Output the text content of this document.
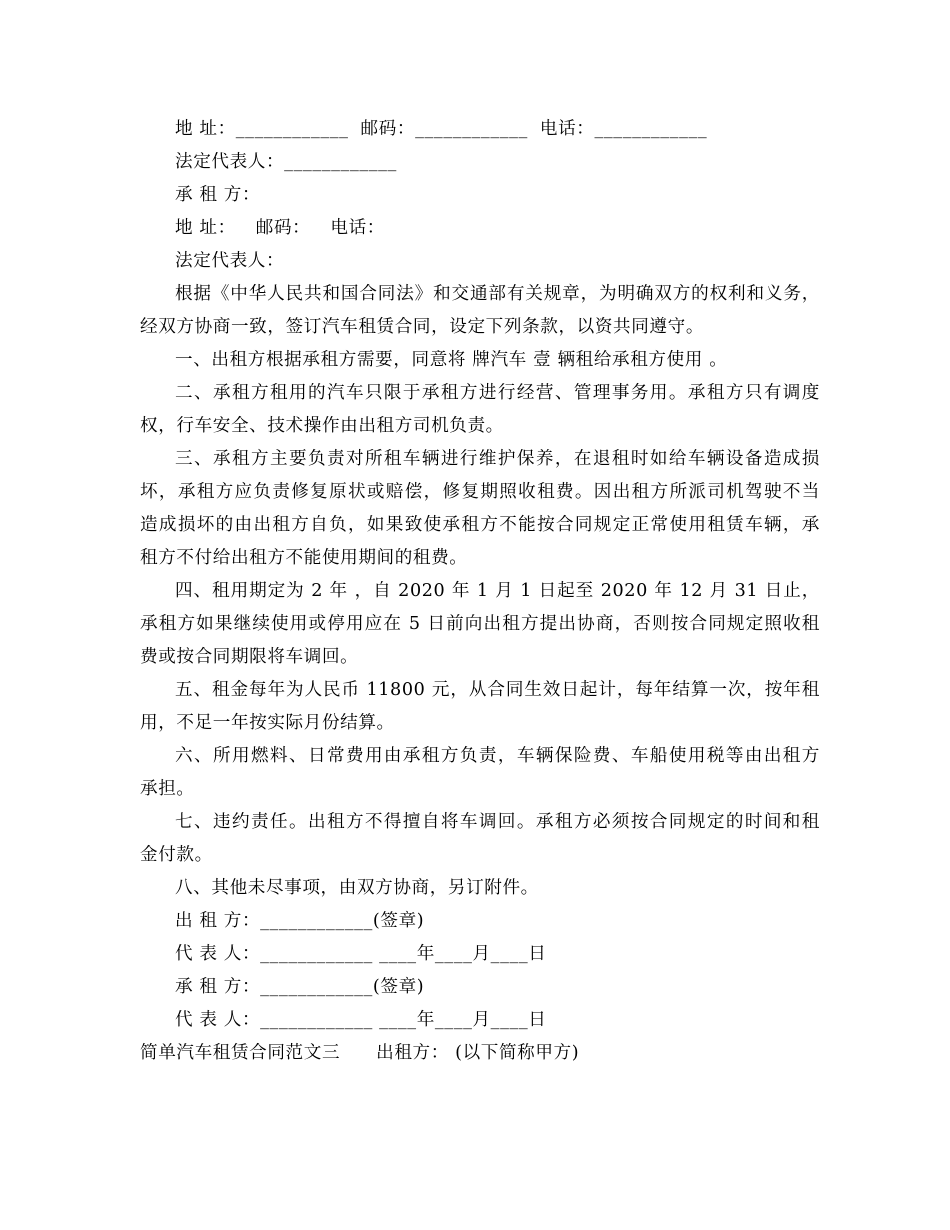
地 址：____________ 邮码：____________ 电话：____________
法定代表人：____________
承 租 方：
地 址： 邮码： 电话：
法定代表人：
根据《中华人民共和国合同法》和交通部有关规章，为明确双方的权利和义务，
经双方协商一致，签订汽车租赁合同，设定下列条款，以资共同遵守。
一、出租方根据承租方需要，同意将 牌汽车 壹 辆租给承租方使用 。
二、承租方租用的汽车只限于承租方进行经营、管理事务用。承租方只有调度
权，行车安全、技术操作由出租方司机负责。
三、承租方主要负责对所租车辆进行维护保养，在退租时如给车辆设备造成损
坏，承租方应负责修复原状或赔偿，修复期照收租费。因出租方所派司机驾驶不当
造成损坏的由出租方自负，如果致使承租方不能按合同规定正常使用租赁车辆，承
租方不付给出租方不能使用期间的租费。
四、租用期定为 2 年 ，自 2020 年 1 月 1 日起至 2020 年 12 月 31 日止，
承租方如果继续使用或停用应在 5 日前向出租方提出协商，否则按合同规定照收租
费或按合同期限将车调回。
五、租金每年为人民币 11800 元，从合同生效日起计，每年结算一次，按年租
用，不足一年按实际月份结算。
六、所用燃料、日常费用由承租方负责，车辆保险费、车船使用税等由出租方
承担。
七、违约责任。出租方不得擅自将车调回。承租方必须按合同规定的时间和租
金付款。
八、其他未尽事项，由双方协商，另订附件。
出 租 方：____________(签章)
代 表 人：____________ ____年____月____日
承 租 方：____________(签章)
代 表 人：____________ ____年____月____日
简单汽车租赁合同范文三 出租方： (以下简称甲方)
